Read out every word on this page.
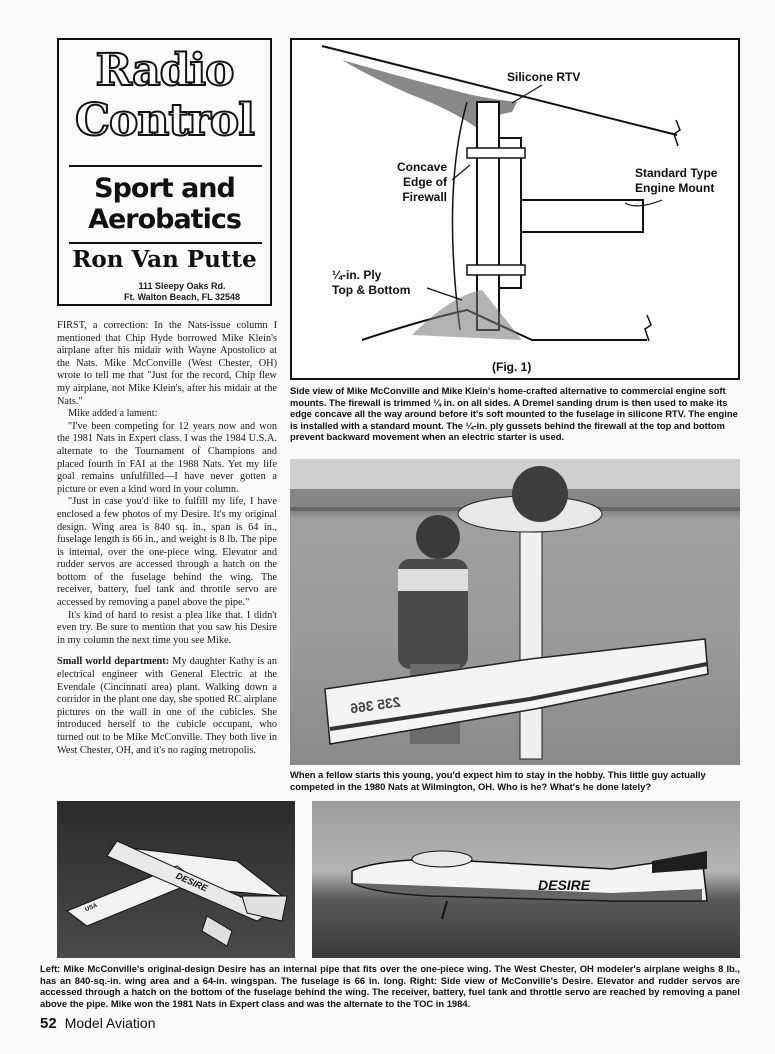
Radio
Control
Sport and
Aerobatics
Ron Van Putte
111 Sleepy Oaks Rd.
Ft. Walton Beach, FL 32548

FIRST, a correction: In the Nats-issue column I mentioned that Chip Hyde borrowed Mike Klein's airplane after his midair with Wayne Apostolico at the Nats. Mike McConville (West Chester, OH) wrote to tell me that "Just for the record, Chip flew my airplane, not Mike Klein's, after his midair at the Nats."

Mike added a lament:

"I've been competing for 12 years now and won the 1981 Nats in Expert class. I was the 1984 U.S.A. alternate to the Tournament of Champions and placed fourth in FAI at the 1988 Nats. Yet my life goal remains unfulfilled—I have never gotten a picture or even a kind word in your column.

"Just in case you'd like to fulfill my life, I have enclosed a few photos of my Desire. It's my original design. Wing area is 840 sq. in., span is 64 in., fuselage length is 66 in., and weight is 8 lb. The pipe is internal, over the one-piece wing. Elevator and rudder servos are accessed through a hatch on the bottom of the fuselage behind the wing. The receiver, battery, fuel tank and throttle servo are accessed by removing a panel above the pipe."

It's kind of hard to resist a plea like that. I didn't even try. Be sure to mention that you saw his Desire in my column the next time you see Mike.

Small world department: My daughter Kathy is an electrical engineer with General Electric at the Evendale (Cincinnati area) plant. Walking down a corridor in the plant one day, she spotted RC airplane pictures on the wall in one of the cubicles. She introduced herself to the cubicle occupant, who turned out to be Mike McConville. They both live in West Chester, OH, and it's no raging metropolis.

Silicone RTV
Concave
Edge of
Firewall
Standard Type
Engine Mount
¼-in. Ply
Top & Bottom
(Fig. 1)
Side view of Mike McConville and Mike Klein's home-crafted alternative to commercial engine soft mounts. The firewall is trimmed ¼ in. on all sides. A Dremel sanding drum is then used to make its edge concave all the way around before it's soft mounted to the fuselage in silicone RTV. The engine is installed with a standard mount. The ¼-in. ply gussets behind the firewall at the top and bottom prevent backward movement when an electric starter is used.
235 366
When a fellow starts this young, you'd expect him to stay in the hobby. This little guy actually competed in the 1980 Nats at Wilmington, OH. Who is he? What's he done lately?
DESIRE
USA
DESIRE
Left: Mike McConville's original-design Desire has an internal pipe that fits over the one-piece wing. The West Chester, OH modeler's airplane weighs 8 lb., has an 840-sq.-in. wing area and a 64-in. wingspan. The fuselage is 66 in. long. Right: Side view of McConville's Desire. Elevator and rudder servos are accessed through a hatch on the bottom of the fuselage behind the wing. The receiver, battery, fuel tank and throttle servo are reached by removing a panel above the pipe. Mike won the 1981 Nats in Expert class and was the alternate to the TOC in 1984.
52 Model Aviation
